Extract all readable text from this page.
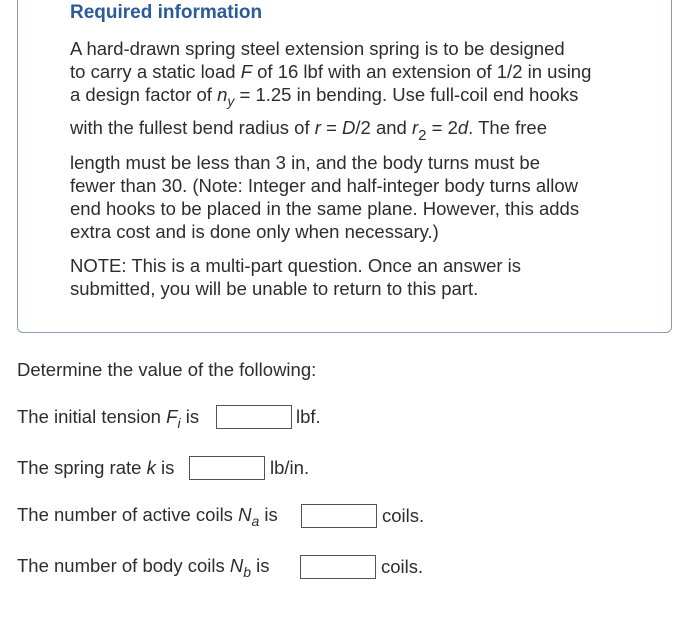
Required information
A hard-drawn spring steel extension spring is to be designed
to carry a static load F of 16 lbf with an extension of 1/2 in using
a design factor of $n_y = 1.25$ in bending. Use full-coil end hooks
with the fullest bend radius of r = D/2 and $r_2 = 2d$. The free
length must be less than 3 in, and the body turns must be
fewer than 30. (Note: Integer and half-integer body turns allow
end hooks to be placed in the same plane. However, this adds
extra cost and is done only when necessary.)
NOTE: This is a multi-part question. Once an answer is
submitted, you will be unable to return to this part.
Determine the value of the following:
The initial tension $F_i$ is	lbf.
The spring rate k is	lb/in.
The number of active coils $N_a$ is	coils.
The number of body coils $N_b$ is	coils.
